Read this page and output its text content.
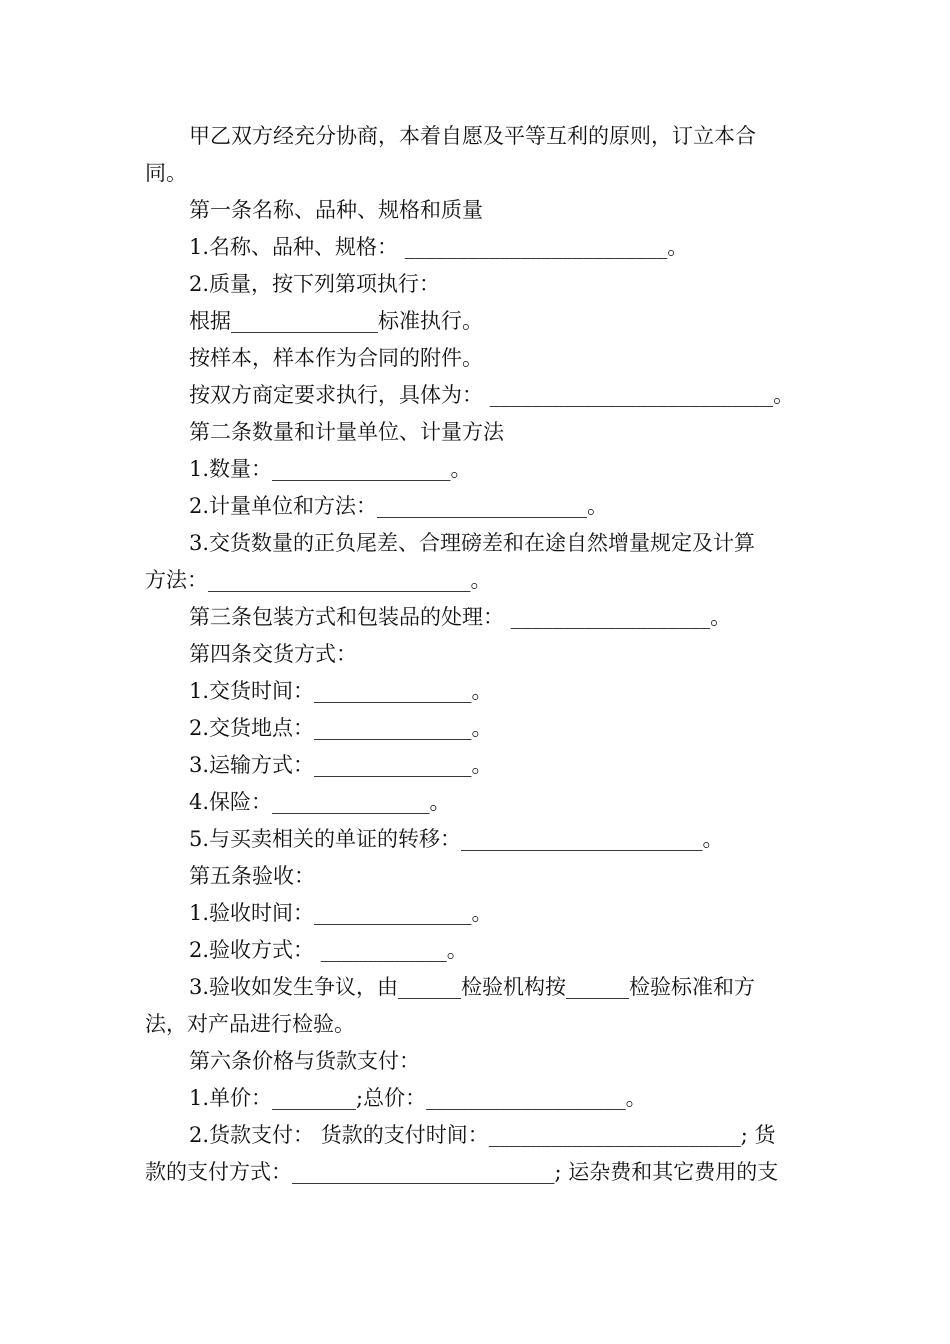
甲乙双方经充分协商，本着自愿及平等互利的原则，订立本合
同。
第一条名称、品种、规格和质量
1.名称、品种、规格： _________________________。
2.质量，按下列第项执行：
根据______________标准执行。
按样本，样本作为合同的附件。
按双方商定要求执行，具体为： ___________________________。
第二条数量和计量单位、计量方法
1.数量：_________________。
2.计量单位和方法：____________________。
3.交货数量的正负尾差、合理磅差和在途自然增量规定及计算
方法：_________________________。
第三条包装方式和包装品的处理： ___________________。
第四条交货方式：
1.交货时间：_______________。
2.交货地点：_______________。
3.运输方式：_______________。
4.保险：_______________。
5.与买卖相关的单证的转移：_______________________。
第五条验收：
1.验收时间：_______________。
2.验收方式： ____________。
3.验收如发生争议，由______检验机构按______检验标准和方
法，对产品进行检验。
第六条价格与货款支付：
1.单价：________;总价：___________________。
2.货款支付： 货款的支付时间：________________________; 货
款的支付方式：_________________________; 运杂费和其它费用的支
